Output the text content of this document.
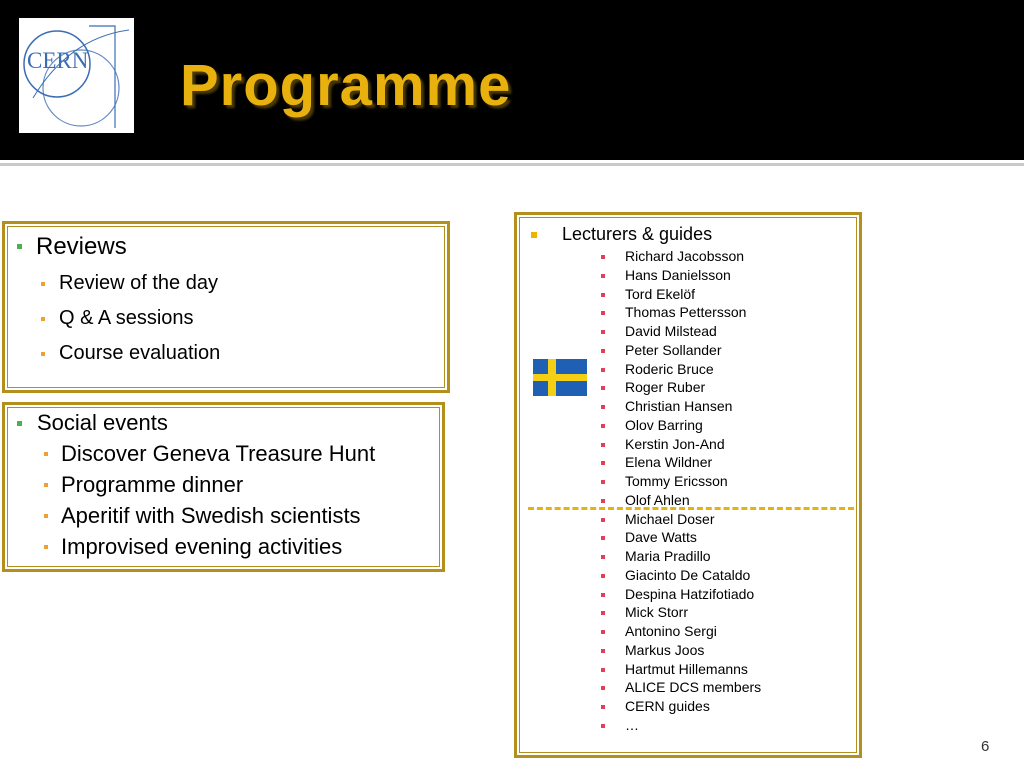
CERN Programme
Reviews
Review of the day
Q & A sessions
Course evaluation
Social events
Discover Geneva Treasure Hunt
Programme dinner
Aperitif with Swedish scientists
Improvised evening activities
Lecturers & guides
Richard Jacobsson
Hans Danielsson
Tord Ekelöf
Thomas Pettersson
David Milstead
Peter Sollander
Roderic Bruce
Roger Ruber
Christian Hansen
Olov Barring
Kerstin Jon-And
Elena Wildner
Tommy Ericsson
Olof Ahlen
Michael Doser
Dave Watts
Maria Pradillo
Giacinto De Cataldo
Despina Hatzifotiado
Mick Storr
Antonino Sergi
Markus Joos
Hartmut Hillemanns
ALICE DCS members
CERN guides
…
6
